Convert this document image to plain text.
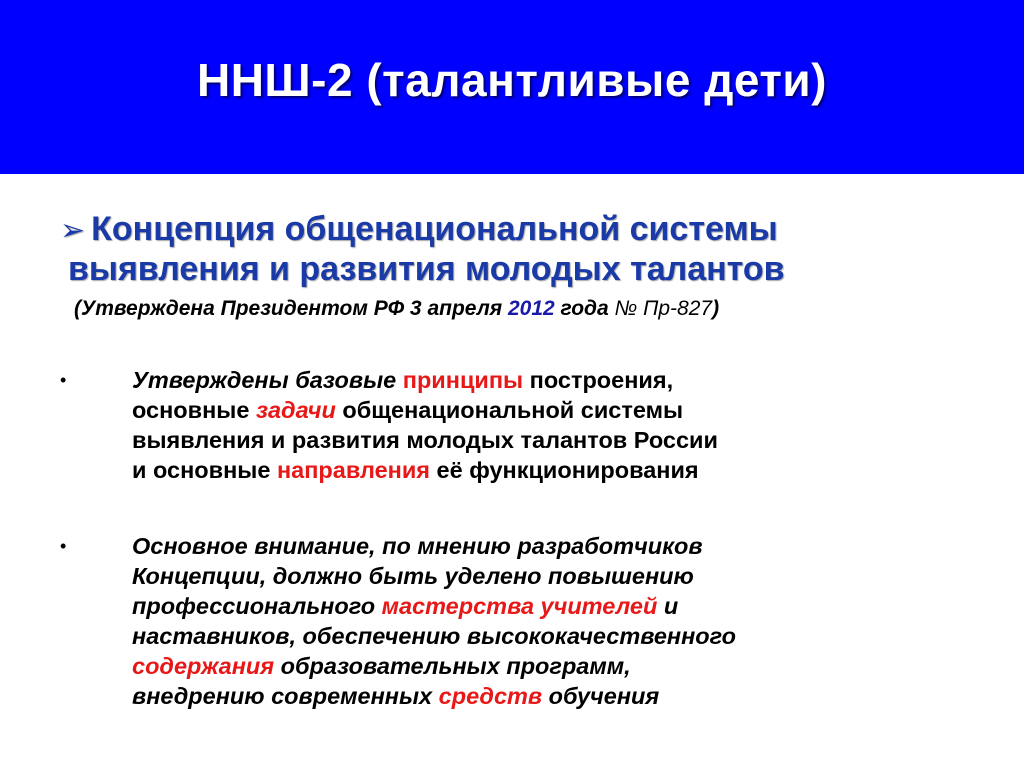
ННШ-2 (талантливые дети)
➢ Концепция общенациональной системы
выявления и развития молодых талантов
(Утверждена Президентом РФ 3 апреля 2012 года № Пр-827)
•	Утверждены базовые принципы построения,
основные задачи общенациональной системы
выявления и развития молодых талантов России
и основные направления её функционирования
•	Основное внимание, по мнению разработчиков
Концепции, должно быть уделено повышению
профессионального мастерства учителей и
наставников, обеспечению высококачественного
содержания образовательных программ,
внедрению современных средств обучения
